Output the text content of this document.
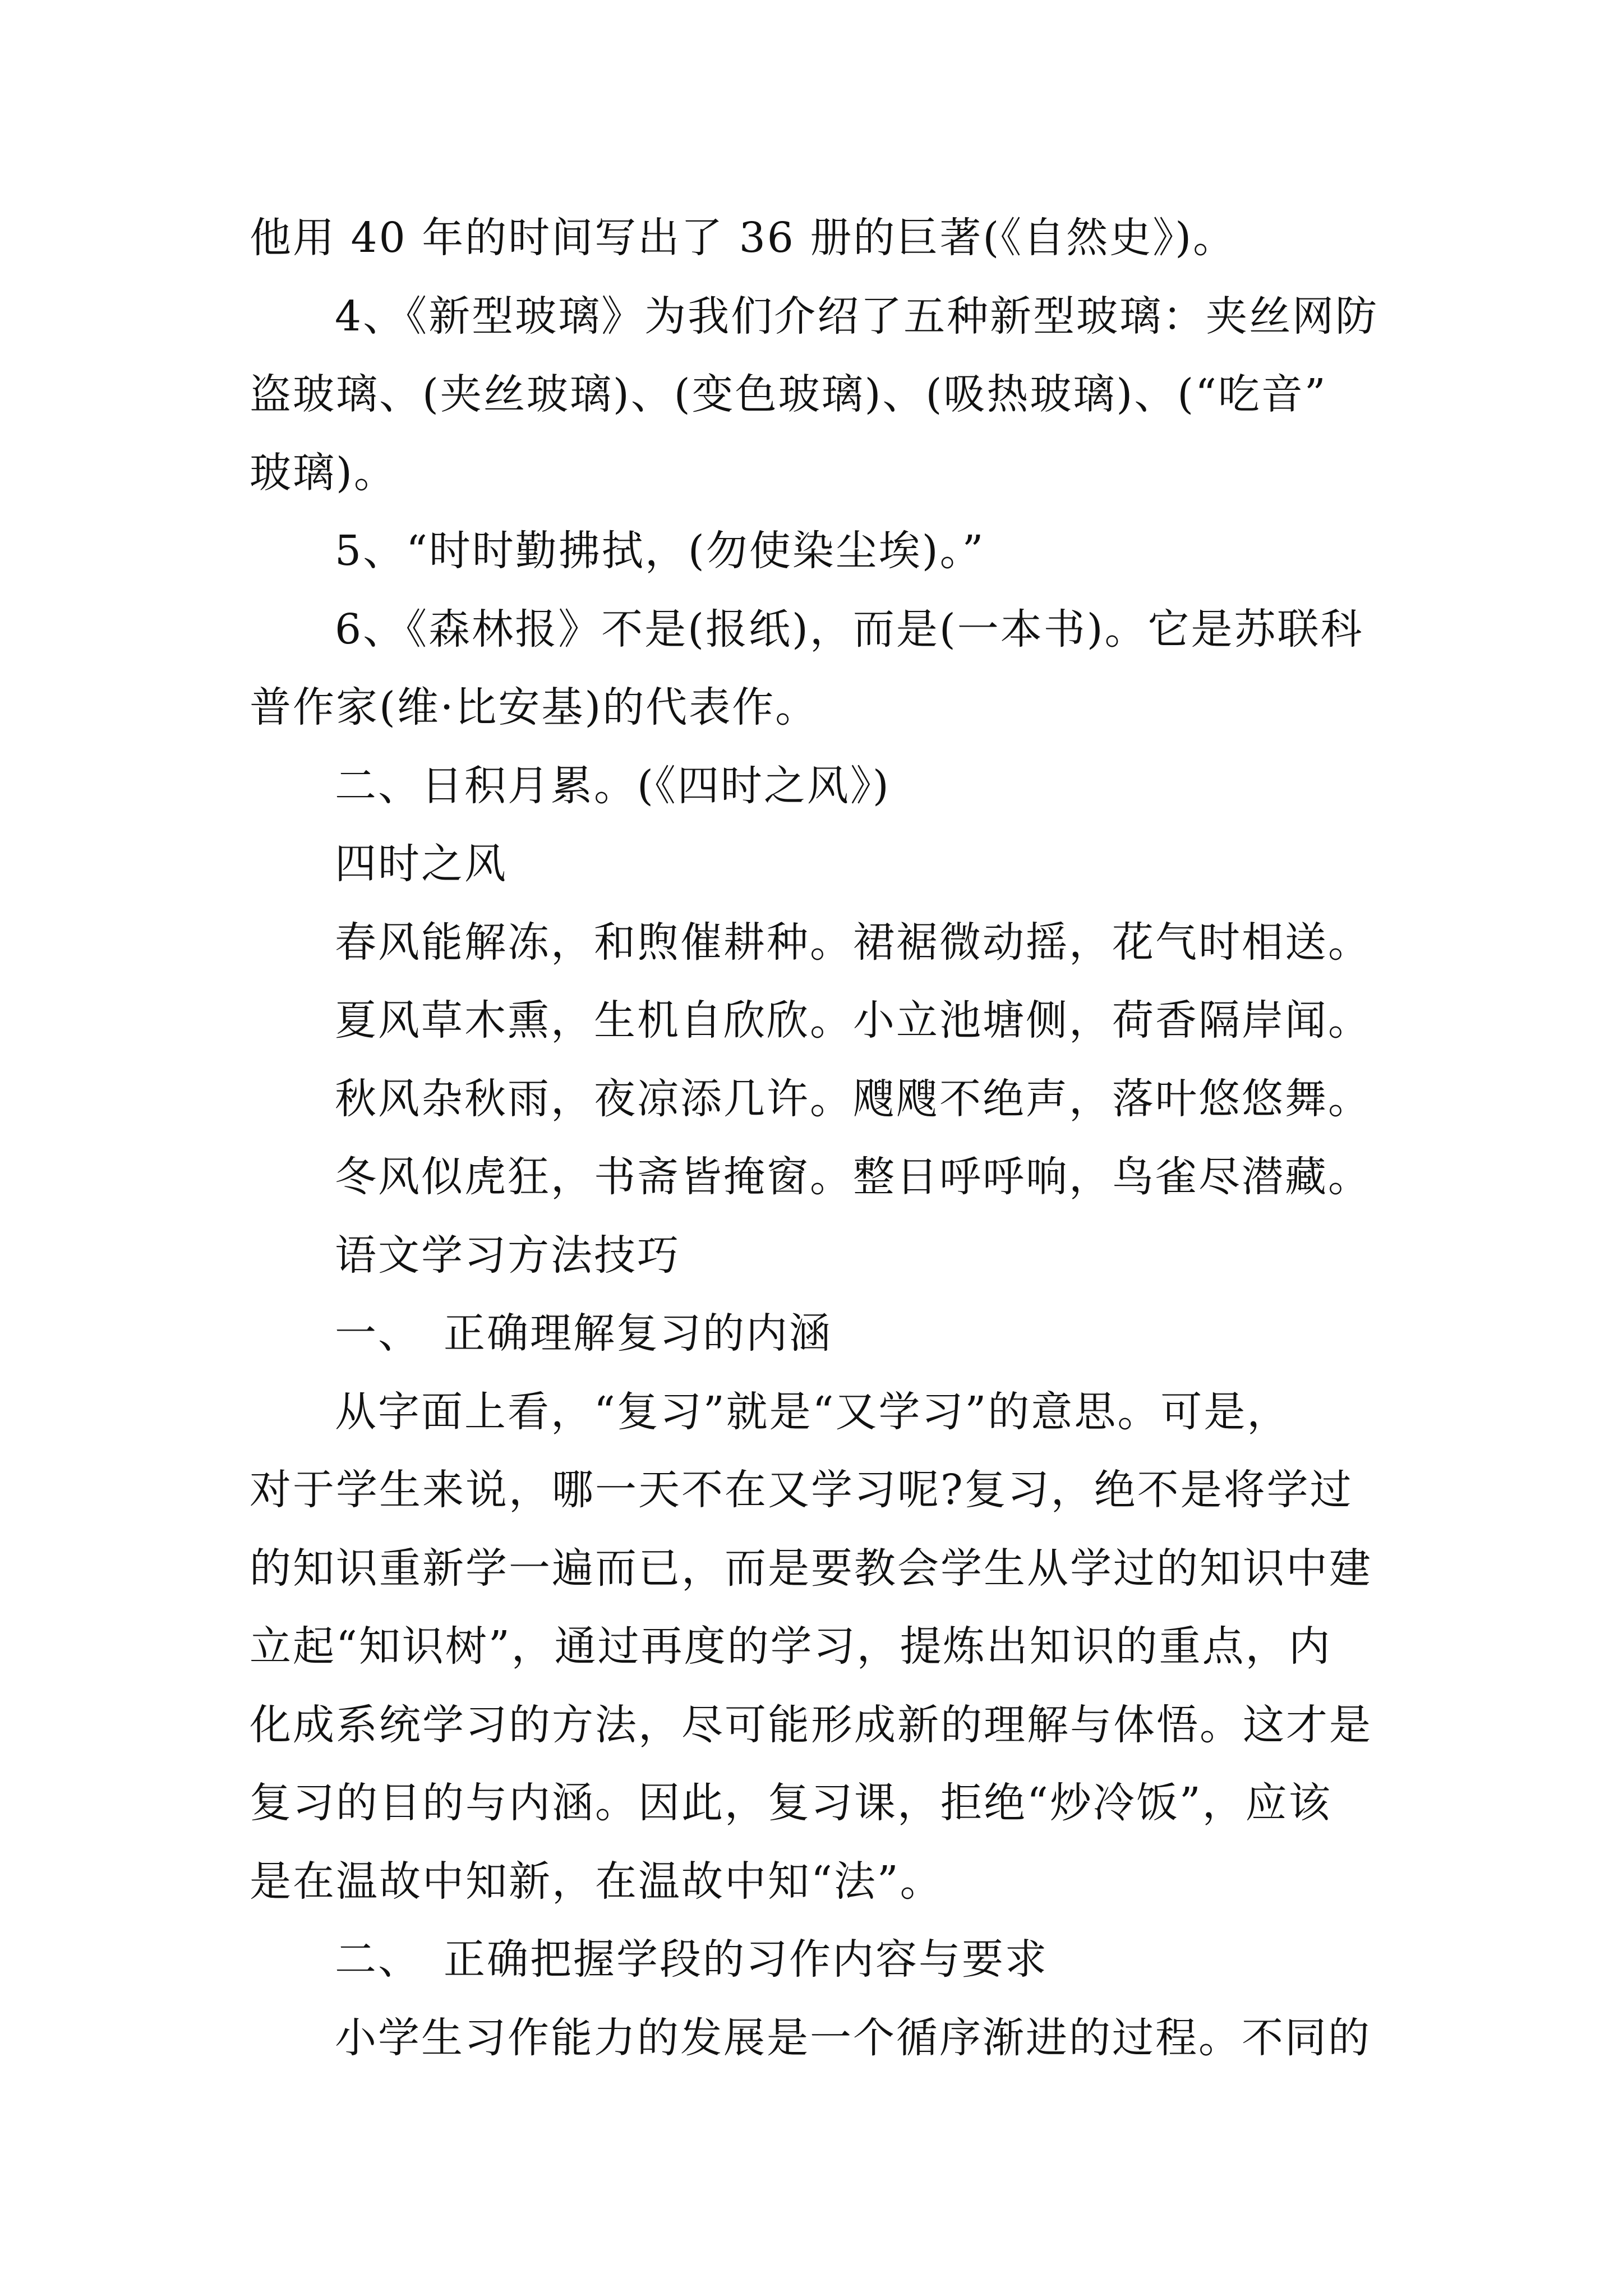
他用 40 年的时间写出了 36 册的巨著(《自然史》)。
4、《新型玻璃》为我们介绍了五种新型玻璃：夹丝网防
盗玻璃、(夹丝玻璃)、(变色玻璃)、(吸热玻璃)、(“吃音”
玻璃)。
5、“时时勤拂拭，(勿使染尘埃)。”
6、《森林报》不是(报纸)，而是(一本书)。它是苏联科
普作家(维·比安基)的代表作。
二、日积月累。(《四时之风》)
四时之风
春风能解冻，和煦催耕种。裙裾微动摇，花气时相送。
夏风草木熏，生机自欣欣。小立池塘侧，荷香隔岸闻。
秋风杂秋雨，夜凉添几许。飕飕不绝声，落叶悠悠舞。
冬风似虎狂，书斋皆掩窗。整日呼呼响，鸟雀尽潜藏。
语文学习方法技巧
一、　正确理解复习的内涵
从字面上看，“复习”就是“又学习”的意思。可是，
对于学生来说，哪一天不在又学习呢?复习，绝不是将学过
的知识重新学一遍而已，而是要教会学生从学过的知识中建
立起“知识树”，通过再度的学习，提炼出知识的重点，内
化成系统学习的方法，尽可能形成新的理解与体悟。这才是
复习的目的与内涵。因此，复习课，拒绝“炒冷饭”，应该
是在温故中知新，在温故中知“法”。
二、　正确把握学段的习作内容与要求
小学生习作能力的发展是一个循序渐进的过程。不同的
